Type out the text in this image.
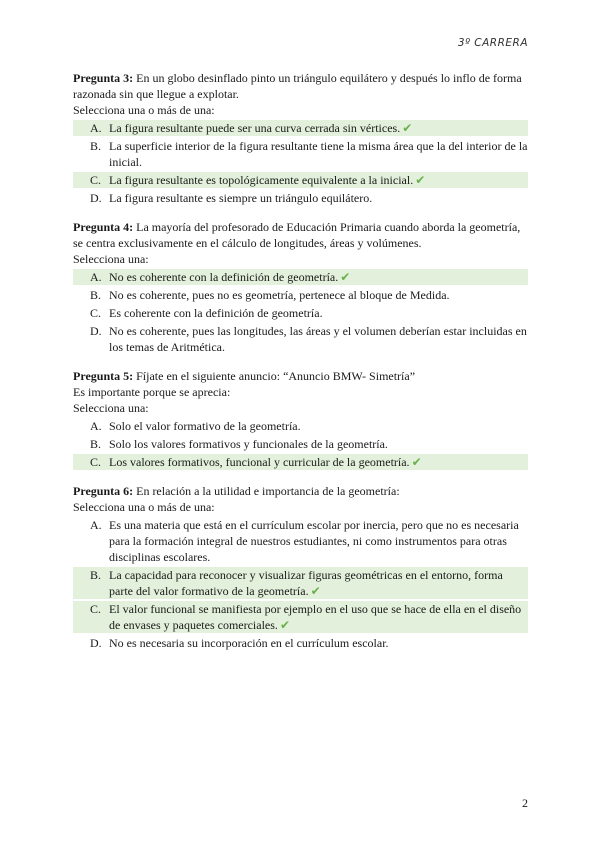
3º CARRERA

Pregunta 3: En un globo desinflado pinto un triángulo equilátero y después lo inflo de forma razonada sin que llegue a explotar.

Selecciona una o más de una:

A. La figura resultante puede ser una curva cerrada sin vértices. ✔
B. La superficie interior de la figura resultante tiene la misma área que la del interior de la inicial.
C. La figura resultante es topológicamente equivalente a la inicial. ✔
D. La figura resultante es siempre un triángulo equilátero.

Pregunta 4: La mayoría del profesorado de Educación Primaria cuando aborda la geometría, se centra exclusivamente en el cálculo de longitudes, áreas y volúmenes.

Selecciona una:

A. No es coherente con la definición de geometría. ✔
B. No es coherente, pues no es geometría, pertenece al bloque de Medida.
C. Es coherente con la definición de geometría.
D. No es coherente, pues las longitudes, las áreas y el volumen deberían estar incluidas en los temas de Aritmética.

Pregunta 5: Fíjate en el siguiente anuncio: “Anuncio BMW- Simetría”

Es importante porque se aprecia:

Selecciona una:

A. Solo el valor formativo de la geometría.
B. Solo los valores formativos y funcionales de la geometría.
C. Los valores formativos, funcional y curricular de la geometría. ✔

Pregunta 6: En relación a la utilidad e importancia de la geometría:

Selecciona una o más de una:

A. Es una materia que está en el currículum escolar por inercia, pero que no es necesaria para la formación integral de nuestros estudiantes, ni como instrumentos para otras disciplinas escolares.
B. La capacidad para reconocer y visualizar figuras geométricas en el entorno, forma parte del valor formativo de la geometría. ✔
C. El valor funcional se manifiesta por ejemplo en el uso que se hace de ella en el diseño de envases y paquetes comerciales. ✔
D. No es necesaria su incorporación en el currículum escolar.
2
